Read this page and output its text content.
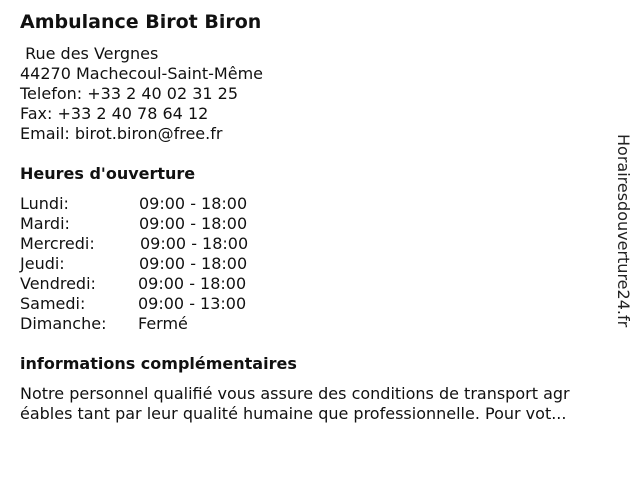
Ambulance Birot Biron
Rue des Vergnes
44270 Machecoul-Saint-Même
Telefon: +33 2 40 02 31 25
Fax: +33 2 40 78 64 12
Email: birot.biron@free.fr
Heures d'ouverture
Lundi:	09:00 - 18:00
Mardi:	09:00 - 18:00
Mercredi:	09:00 - 18:00
Jeudi:	09:00 - 18:00
Vendredi:	09:00 - 18:00
Samedi:	09:00 - 13:00
Dimanche: Fermé
informations complémentaires
Notre personnel qualifié vous assure des conditions de transport agr
éables tant par leur qualité humaine que professionnelle. Pour vot...
Horairesdouverture24.fr
